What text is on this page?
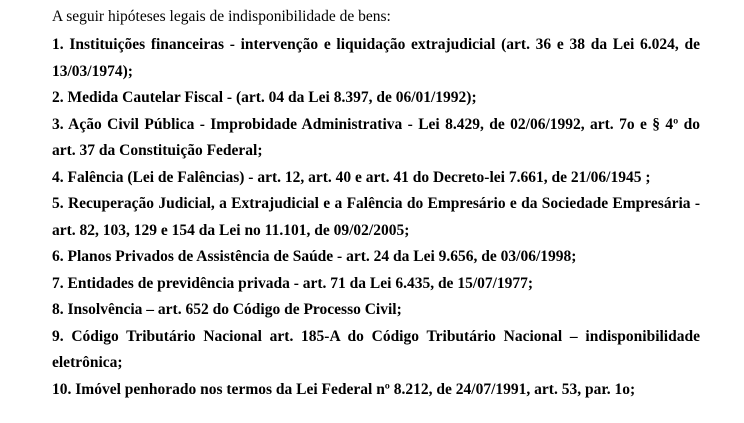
A seguir hipóteses legais de indisponibilidade de bens:

1. Instituições financeiras - intervenção e liquidação extrajudicial (art. 36 e 38 da Lei 6.024, de 13/03/1974);
2. Medida Cautelar Fiscal - (art. 04 da Lei 8.397, de 06/01/1992);
3. Ação Civil Pública - Improbidade Administrativa - Lei 8.429, de 02/06/1992, art. 7o e § 4º do art. 37 da Constituição Federal;
4. Falência (Lei de Falências) - art. 12, art. 40 e art. 41 do Decreto-lei 7.661, de 21/06/1945 ;
5. Recuperação Judicial, a Extrajudicial e a Falência do Empresário e da Sociedade Empresária - art. 82, 103, 129 e 154 da Lei no 11.101, de 09/02/2005;
6. Planos Privados de Assistência de Saúde - art. 24 da Lei 9.656, de 03/06/1998;
7. Entidades de previdência privada - art. 71 da Lei 6.435, de 15/07/1977;
8. Insolvência – art. 652 do Código de Processo Civil;
9. Código Tributário Nacional art. 185-A do Código Tributário Nacional – indisponibilidade eletrônica;
10. Imóvel penhorado nos termos da Lei Federal nº 8.212, de 24/07/1991, art. 53, par. 1o;
